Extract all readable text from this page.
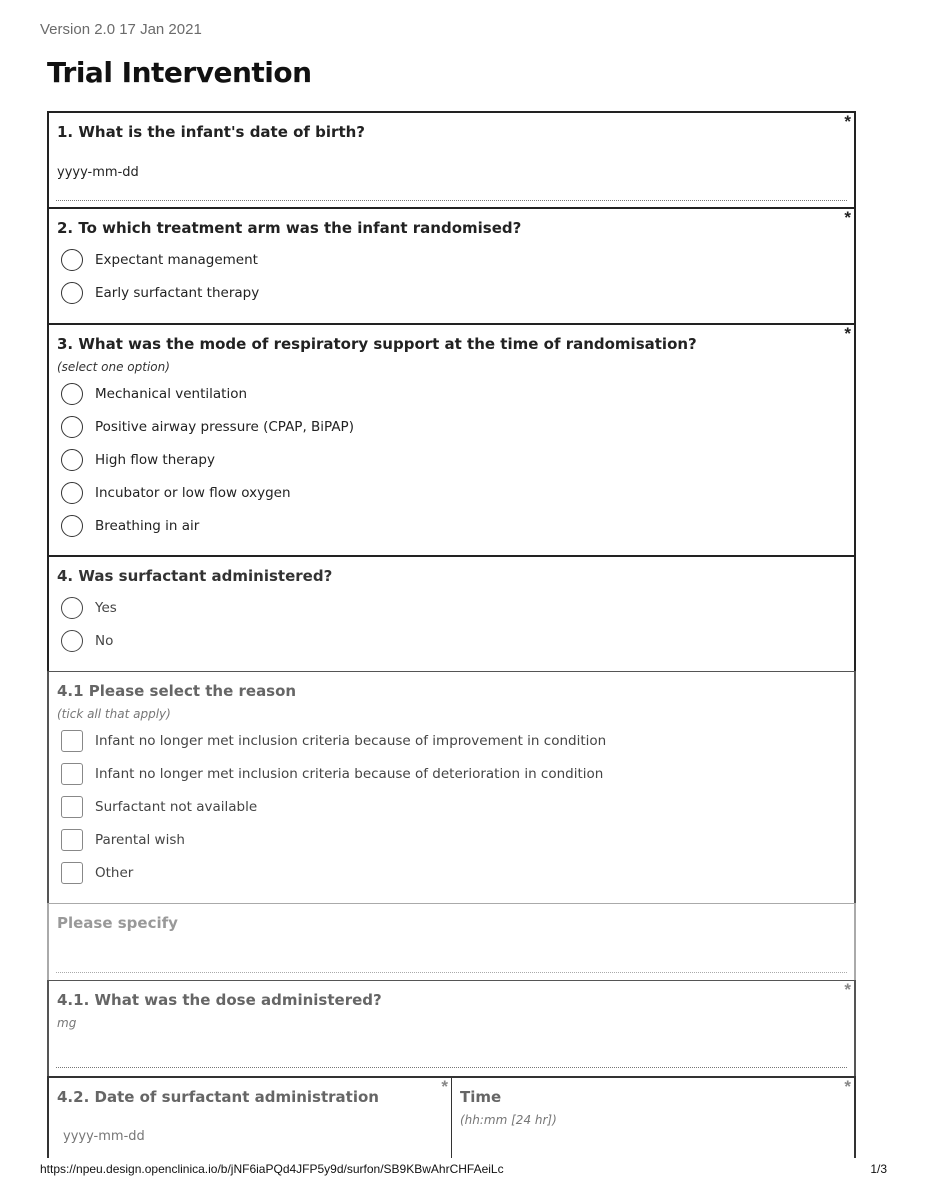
Version 2.0 17 Jan 2021
Trial Intervention
*
1. What is the infant's date of birth?
yyyy-mm-dd
*
2. To which treatment arm was the infant randomised?
Expectant management
Early surfactant therapy
*
3. What was the mode of respiratory support at the time of randomisation?
(select one option)
Mechanical ventilation
Positive airway pressure (CPAP, BiPAP)
High flow therapy
Incubator or low flow oxygen
Breathing in air
4. Was surfactant administered?
Yes
No
4.1 Please select the reason
(tick all that apply)
Infant no longer met inclusion criteria because of improvement in condition
Infant no longer met inclusion criteria because of deterioration in condition
Surfactant not available
Parental wish
Other
Please specify
*
4.1. What was the dose administered?
mg
*
4.2. Date of surfactant administration
yyyy-mm-dd
*
Time
(hh:mm [24 hr])
https://npeu.design.openclinica.io/b/jNF6iaPQd4JFP5y9d/surfon/SB9KBwAhrCHFAeiLc	1/3
